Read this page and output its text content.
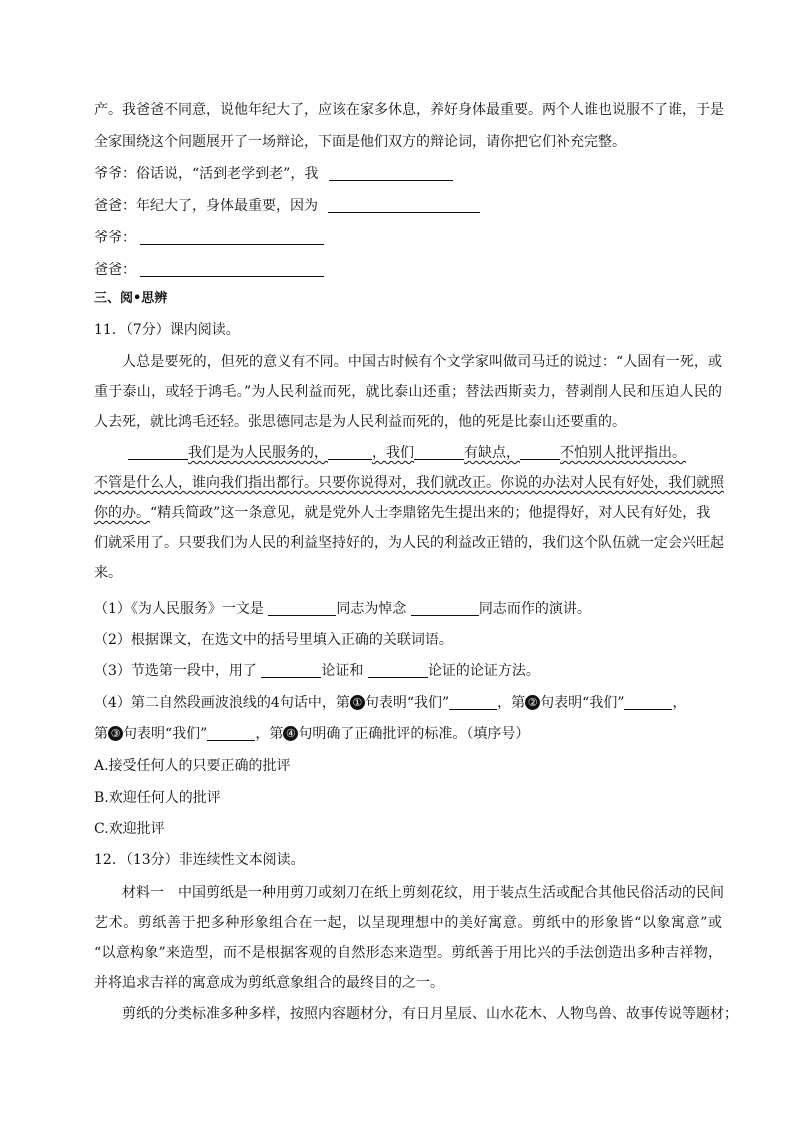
产。我爸爸不同意，说他年纪大了，应该在家多休息，养好身体最重要。两个人谁也说服不了谁，于是
全家围绕这个问题展开了一场辩论，下面是他们双方的辩论词，请你把它们补充完整。
爷爷：俗话说，“活到老学到老”，我
爸爸：年纪大了，身体最重要，因为
爷爷：
爸爸：
三、阅•思辨
11．（7分）课内阅读。
人总是要死的，但死的意义有不同。中国古时候有个文学家叫做司马迁的说过：“人固有一死，或
重于泰山，或轻于鸿毛。”为人民利益而死，就比泰山还重；替法西斯卖力，替剥削人民和压迫人民的
人去死，就比鸿毛还轻。张思德同志是为人民利益而死的，他的死是比泰山还要重的。
我们是为人民服务的，	，我们	有缺点，	不怕别人批评指出。
不管是什么人，谁向我们指出都行。只要你说得对，我们就改正。你说的办法对人民有好处，我们就照
你的办。“精兵简政”这一条意见，就是党外人士李鼎铭先生提出来的；他提得好，对人民有好处，我
们就采用了。只要我们为人民的利益坚持好的，为人民的利益改正错的，我们这个队伍就一定会兴旺起
来。
（1）《为人民服务》一文是	同志为悼念	同志而作的演讲。
（2）根据课文，在选文中的括号里填入正确的关联词语。
（3）节选第一段中，用了	论证和	论证的论证方法。
（4）第二自然段画波浪线的4句话中，第 ① 句表明“我们”	，第 ② 句表明“我们”	，
第 ③ 句表明“我们”	，第 ④ 句明确了正确批评的标准。（填序号）
A.接受任何人的只要正确的批评
B.欢迎任何人的批评
C.欢迎批评
12．（13分）非连续性文本阅读。
材料一　中国剪纸是一种用剪刀或刻刀在纸上剪刻花纹，用于装点生活或配合其他民俗活动的民间
艺术。剪纸善于把多种形象组合在一起，以呈现理想中的美好寓意。剪纸中的形象皆“以象寓意”或
“以意构象”来造型，而不是根据客观的自然形态来造型。剪纸善于用比兴的手法创造出多种吉祥物，
并将追求吉祥的寓意成为剪纸意象组合的最终目的之一。
剪纸的分类标准多种多样，按照内容题材分，有日月星辰、山水花木、人物鸟兽、故事传说等题材；
